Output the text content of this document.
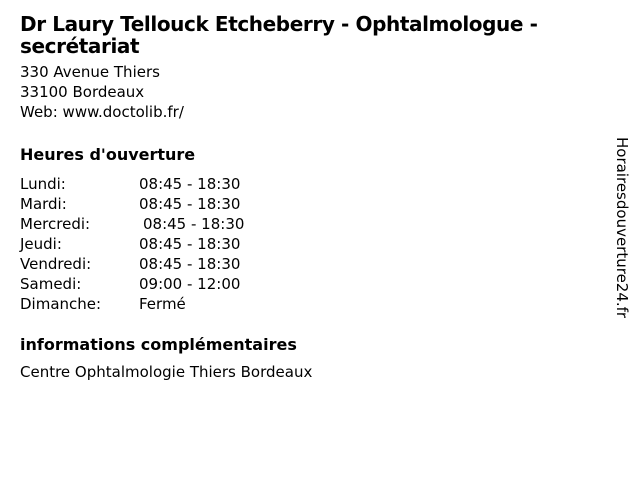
Dr Laury Tellouck Etcheberry - Ophtalmologue - secrétariat
330 Avenue Thiers
33100 Bordeaux
Web: www.doctolib.fr/
Heures d'ouverture
Lundi:	08:45 - 18:30
Mardi:	08:45 - 18:30
Mercredi:	08:45 - 18:30
Jeudi:	08:45 - 18:30
Vendredi:	08:45 - 18:30
Samedi:	09:00 - 12:00
Dimanche:	Fermé
informations complémentaires
Centre Ophtalmologie Thiers Bordeaux
Horairesdouverture24.fr
